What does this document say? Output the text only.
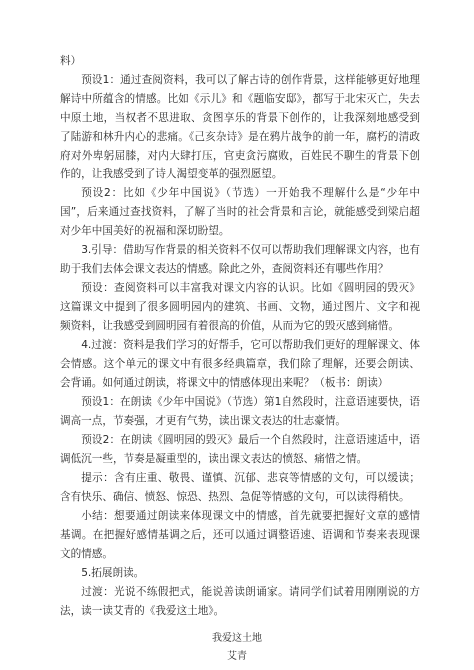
料）

预设1：通过查阅资料，我可以了解古诗的创作背景，这样能够更好地理解诗中所蕴含的情感。比如《示儿》和《题临安邸》，都写于北宋灭亡，失去中原土地，当权者不思进取、贪图享乐的背景下创作的，让我深刻地感受到了陆游和林升内心的悲痛。《己亥杂诗》是在鸦片战争的前一年，腐朽的清政府对外卑躬屈膝，对内大肆打压，官吏贪污腐败，百姓民不聊生的背景下创作的，让我感受到了诗人渴望变革的强烈愿望。

预设2：比如《少年中国说》（节选）一开始我不理解什么是“少年中国”，后来通过查找资料，了解了当时的社会背景和言论，就能感受到梁启超对少年中国美好的祝福和深切盼望。

3.引导：借助写作背景的相关资料不仅可以帮助我们理解课文内容，也有助于我们去体会课文表达的情感。除此之外，查阅资料还有哪些作用？

预设：查阅资料可以丰富我对课文内容的认识。比如《圆明园的毁灭》这篇课文中提到了很多圆明园内的建筑、书画、文物，通过图片、文字和视频资料，让我感受到圆明园有着很高的价值，从而为它的毁灭感到痛惜。

4.过渡：资料是我们学习的好帮手，它可以帮助我们更好的理解课文、体会情感。这个单元的课文中有很多经典篇章，我们除了理解，还要会朗读、会背诵。如何通过朗读，将课文中的情感体现出来呢？（板书：朗读）

预设1：在朗读《少年中国说》（节选）第1自然段时，注意语速要快，语调高一点，节奏强，才更有气势，读出课文表达的壮志豪情。

预设2：在朗读《圆明园的毁灭》最后一个自然段时，注意语速适中，语调低沉一些，节奏是凝重型的，读出课文表达的愤怒、痛惜之情。

提示：含有庄重、敬畏、谨慎、沉郁、悲哀等情感的文句，可以缓读；含有快乐、确信、愤怒、惊恐、热烈、急促等情感的文句，可以读得稍快。

小结：想要通过朗读来体现课文中的情感，首先就要把握好文章的感情基调。在把握好感情基调之后，还可以通过调整语速、语调和节奏来表现课文的情感。

5.拓展朗读。

过渡：光说不练假把式，能说善读朗诵家。请同学们试着用刚刚说的方法，读一读艾青的《我爱这土地》。

我爱这土地

艾青
